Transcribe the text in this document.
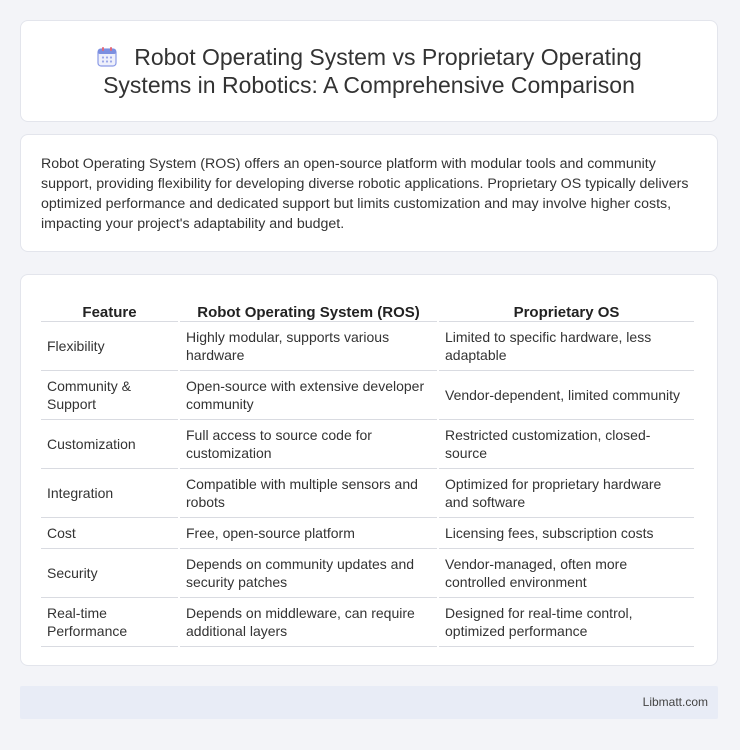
Robot Operating System vs Proprietary Operating Systems in Robotics: A Comprehensive Comparison

Robot Operating System (ROS) offers an open-source platform with modular tools and community support, providing flexibility for developing diverse robotic applications. Proprietary OS typically delivers optimized performance and dedicated support but limits customization and may involve higher costs, impacting your project's adaptability and budget.

Feature	Robot Operating System (ROS)	Proprietary OS
Flexibility	Highly modular, supports various hardware	Limited to specific hardware, less adaptable
Community & Support	Open-source with extensive developer community	Vendor-dependent, limited community
Customization	Full access to source code for customization	Restricted customization, closed-source
Integration	Compatible with multiple sensors and robots	Optimized for proprietary hardware and software
Cost	Free, open-source platform	Licensing fees, subscription costs
Security	Depends on community updates and security patches	Vendor-managed, often more controlled environment
Real-time Performance	Depends on middleware, can require additional layers	Designed for real-time control, optimized performance
Libmatt.com
